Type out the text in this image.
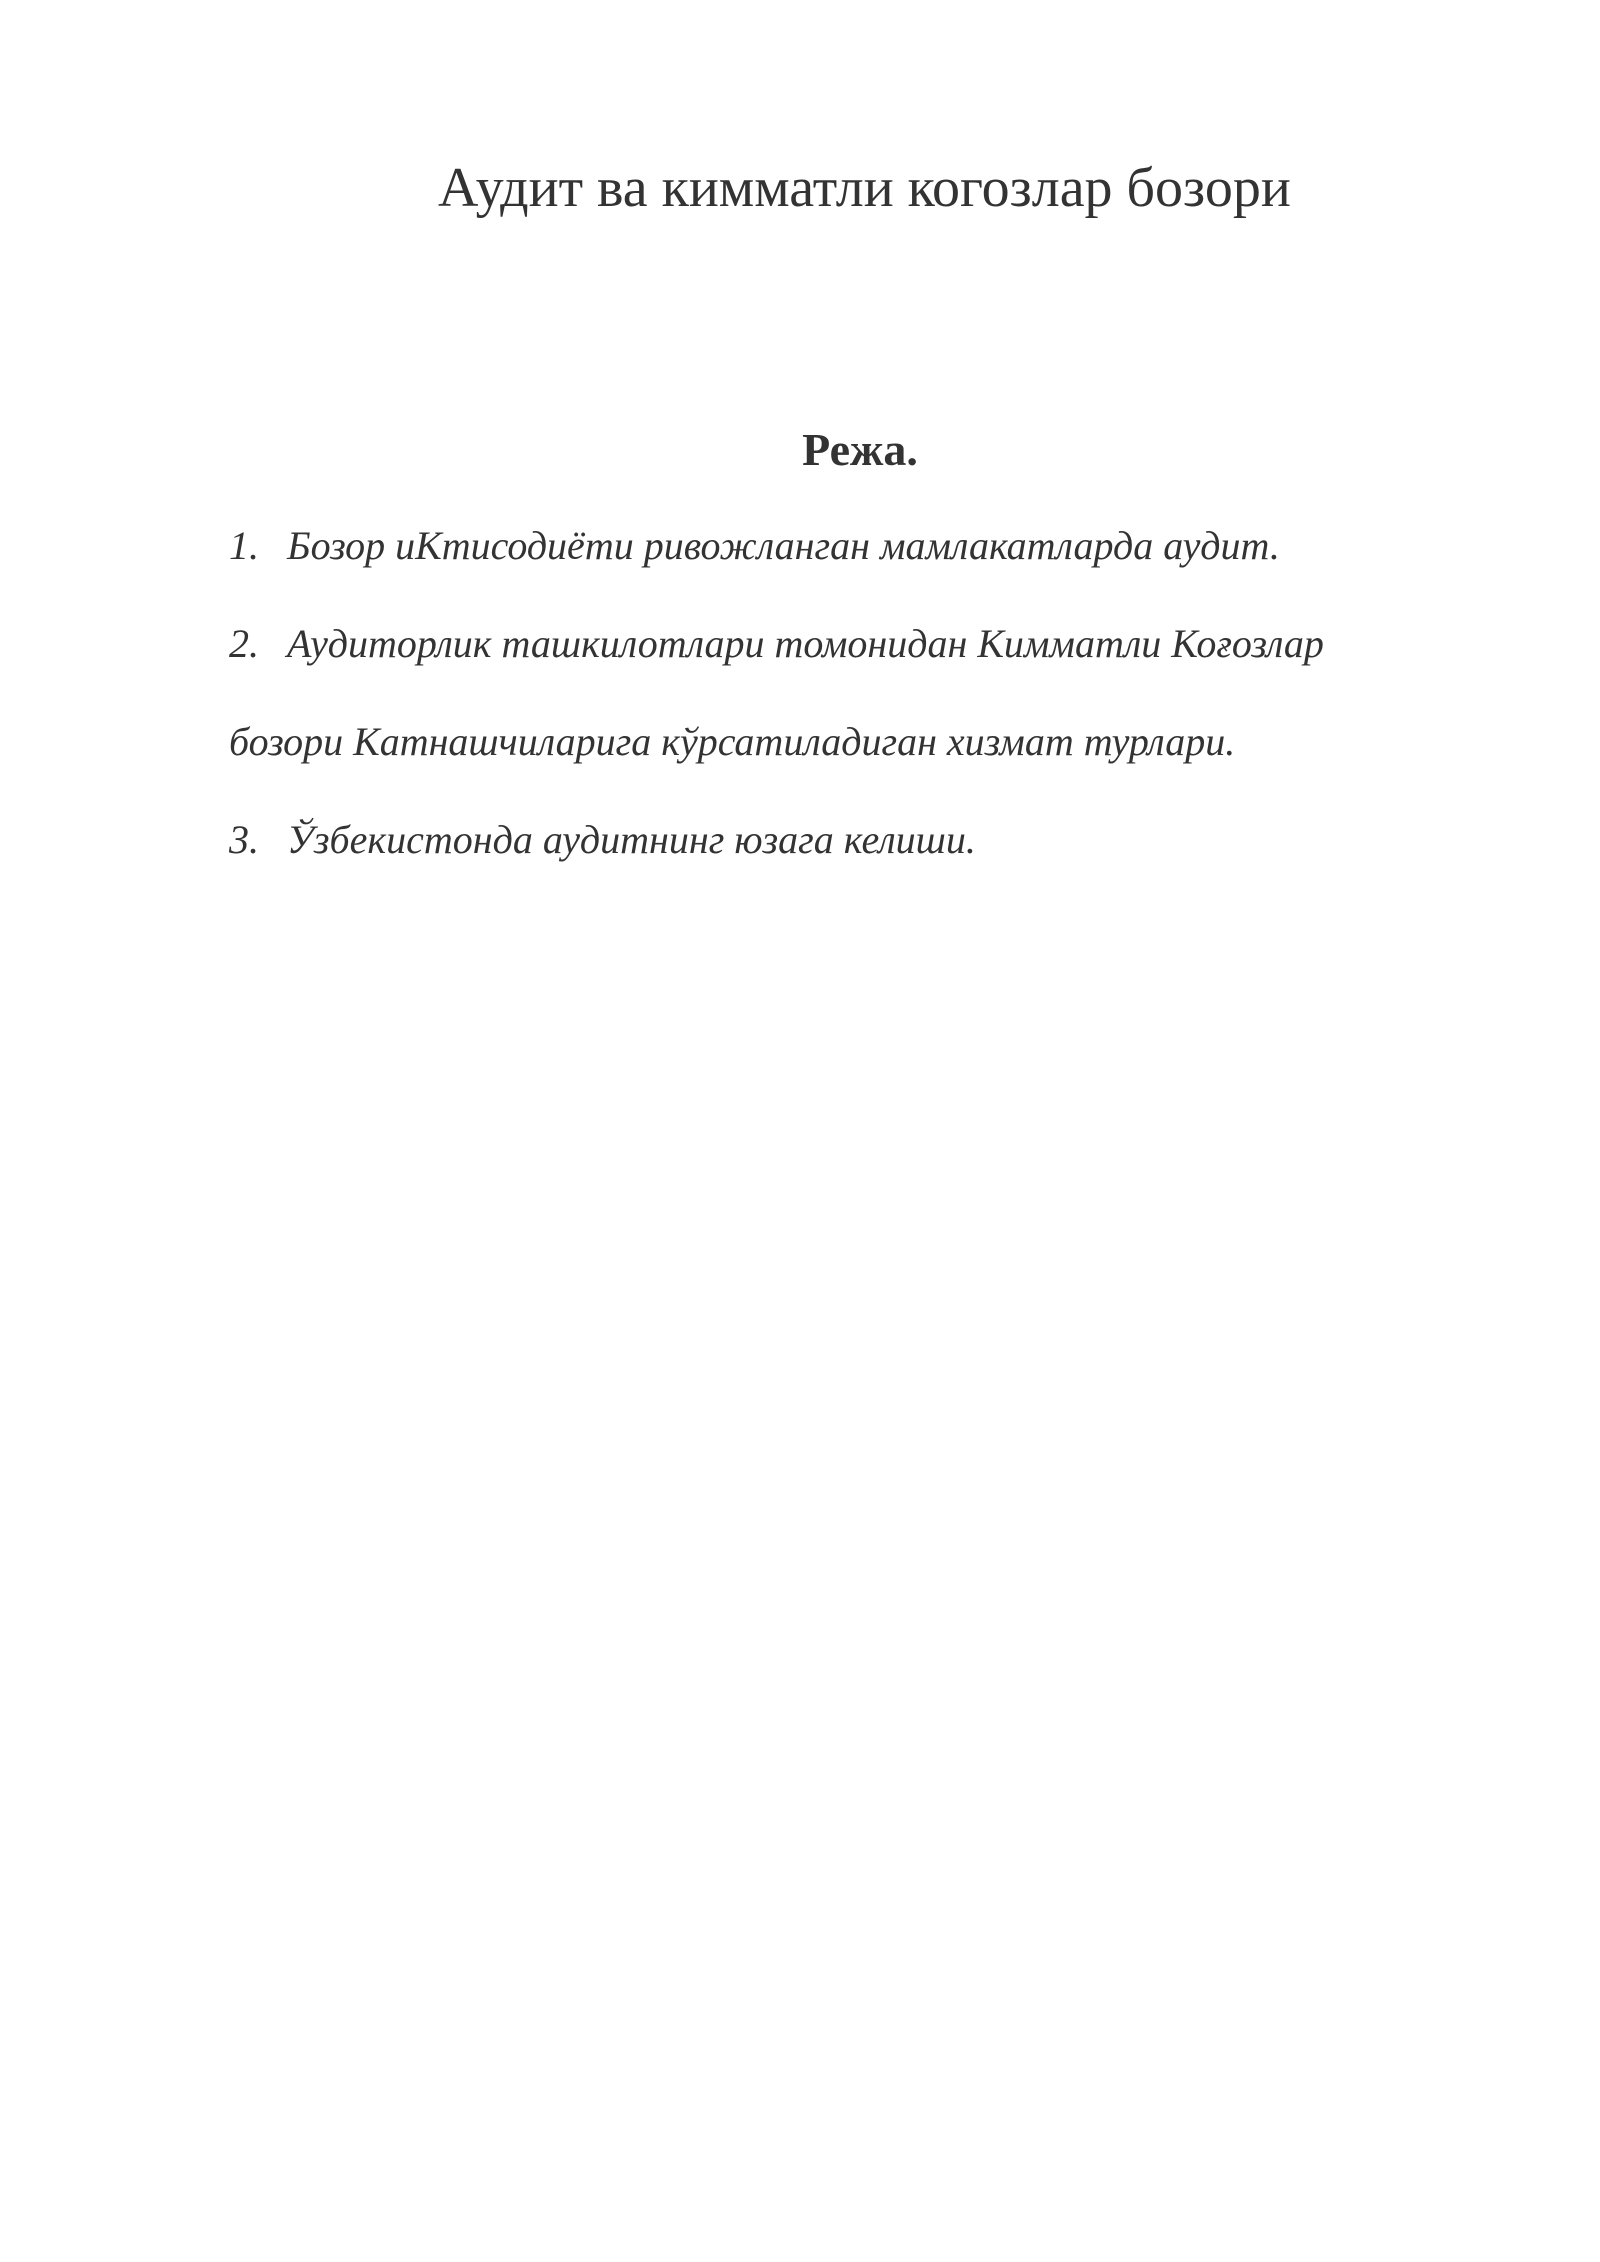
Аудит ва кимматли когозлар бозори
Режа.
1. Бозор иКтисодиёти ривожланган мамлакатларда аудит.
2. Аудиторлик ташкилотлари томонидан Кимматли Коғозлар
бозори Катнашчиларига кўрсатиладиган хизмат турлари.
3. Ўзбекистонда аудитнинг юзага келиши.
